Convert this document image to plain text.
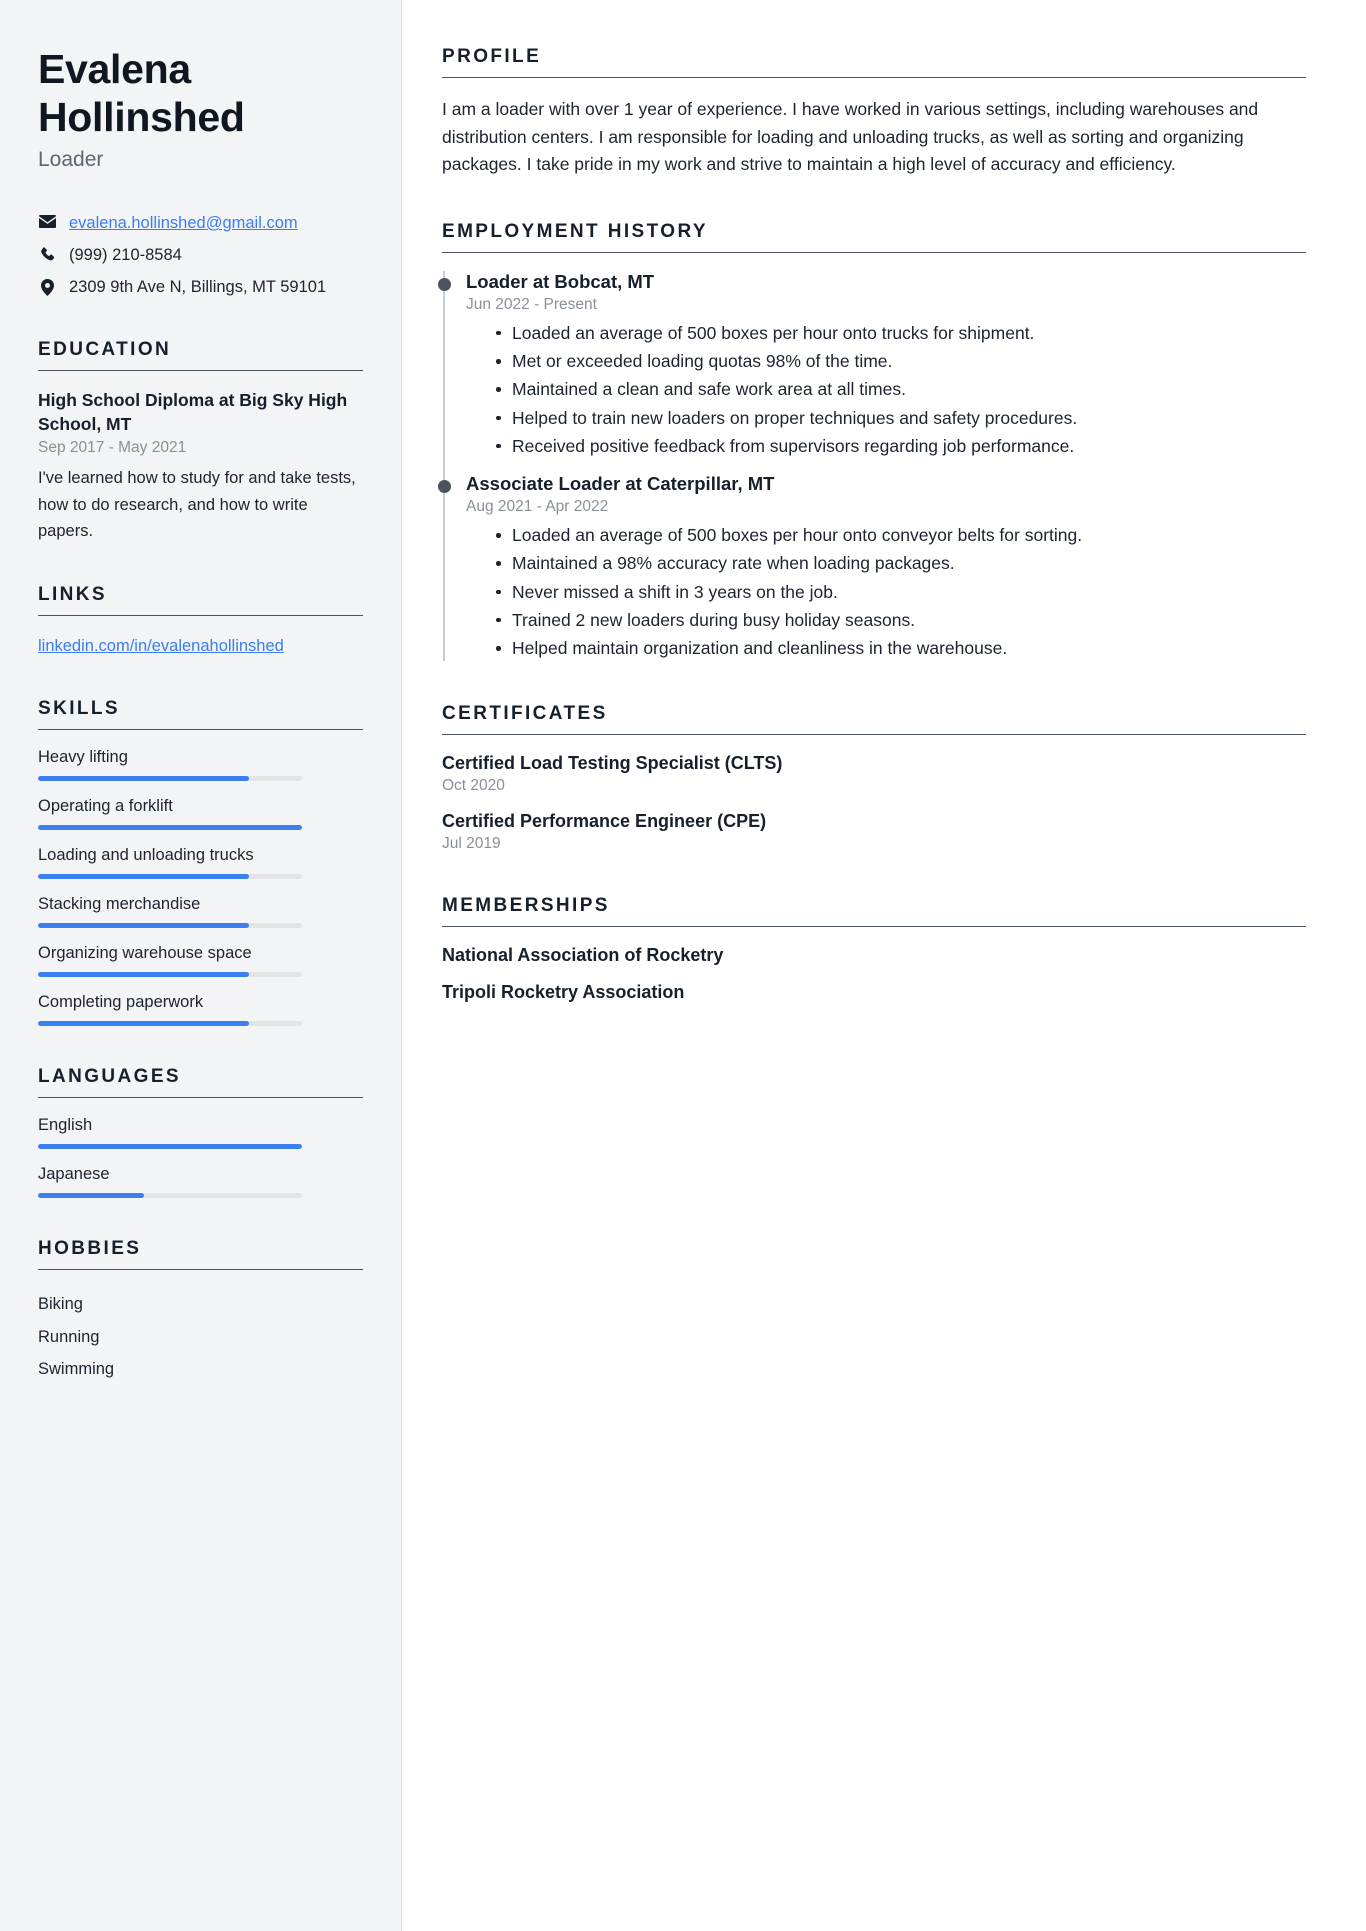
Evalena
Hollinshed
Loader
evalena.hollinshed@gmail.com
(999) 210-8584
2309 9th Ave N, Billings, MT 59101
EDUCATION
High School Diploma at Big Sky High School, MT
Sep 2017 - May 2021
I've learned how to study for and take tests, how to do research, and how to write papers.
LINKS
linkedin.com/in/evalenahollinshed
SKILLS
Heavy lifting
Operating a forklift
Loading and unloading trucks
Stacking merchandise
Organizing warehouse space
Completing paperwork
LANGUAGES
English
Japanese
HOBBIES
Biking
Running
Swimming
PROFILE

I am a loader with over 1 year of experience. I have worked in various settings, including warehouses and distribution centers. I am responsible for loading and unloading trucks, as well as sorting and organizing packages. I take pride in my work and strive to maintain a high level of accuracy and efficiency.

EMPLOYMENT HISTORY
Loader at Bobcat, MT
Jun 2022 - Present
Loaded an average of 500 boxes per hour onto trucks for shipment.
Met or exceeded loading quotas 98% of the time.
Maintained a clean and safe work area at all times.
Helped to train new loaders on proper techniques and safety procedures.
Received positive feedback from supervisors regarding job performance.
Associate Loader at Caterpillar, MT
Aug 2021 - Apr 2022
Loaded an average of 500 boxes per hour onto conveyor belts for sorting.
Maintained a 98% accuracy rate when loading packages.
Never missed a shift in 3 years on the job.
Trained 2 new loaders during busy holiday seasons.
Helped maintain organization and cleanliness in the warehouse.
CERTIFICATES
Certified Load Testing Specialist (CLTS)
Oct 2020
Certified Performance Engineer (CPE)
Jul 2019
MEMBERSHIPS
National Association of Rocketry
Tripoli Rocketry Association
